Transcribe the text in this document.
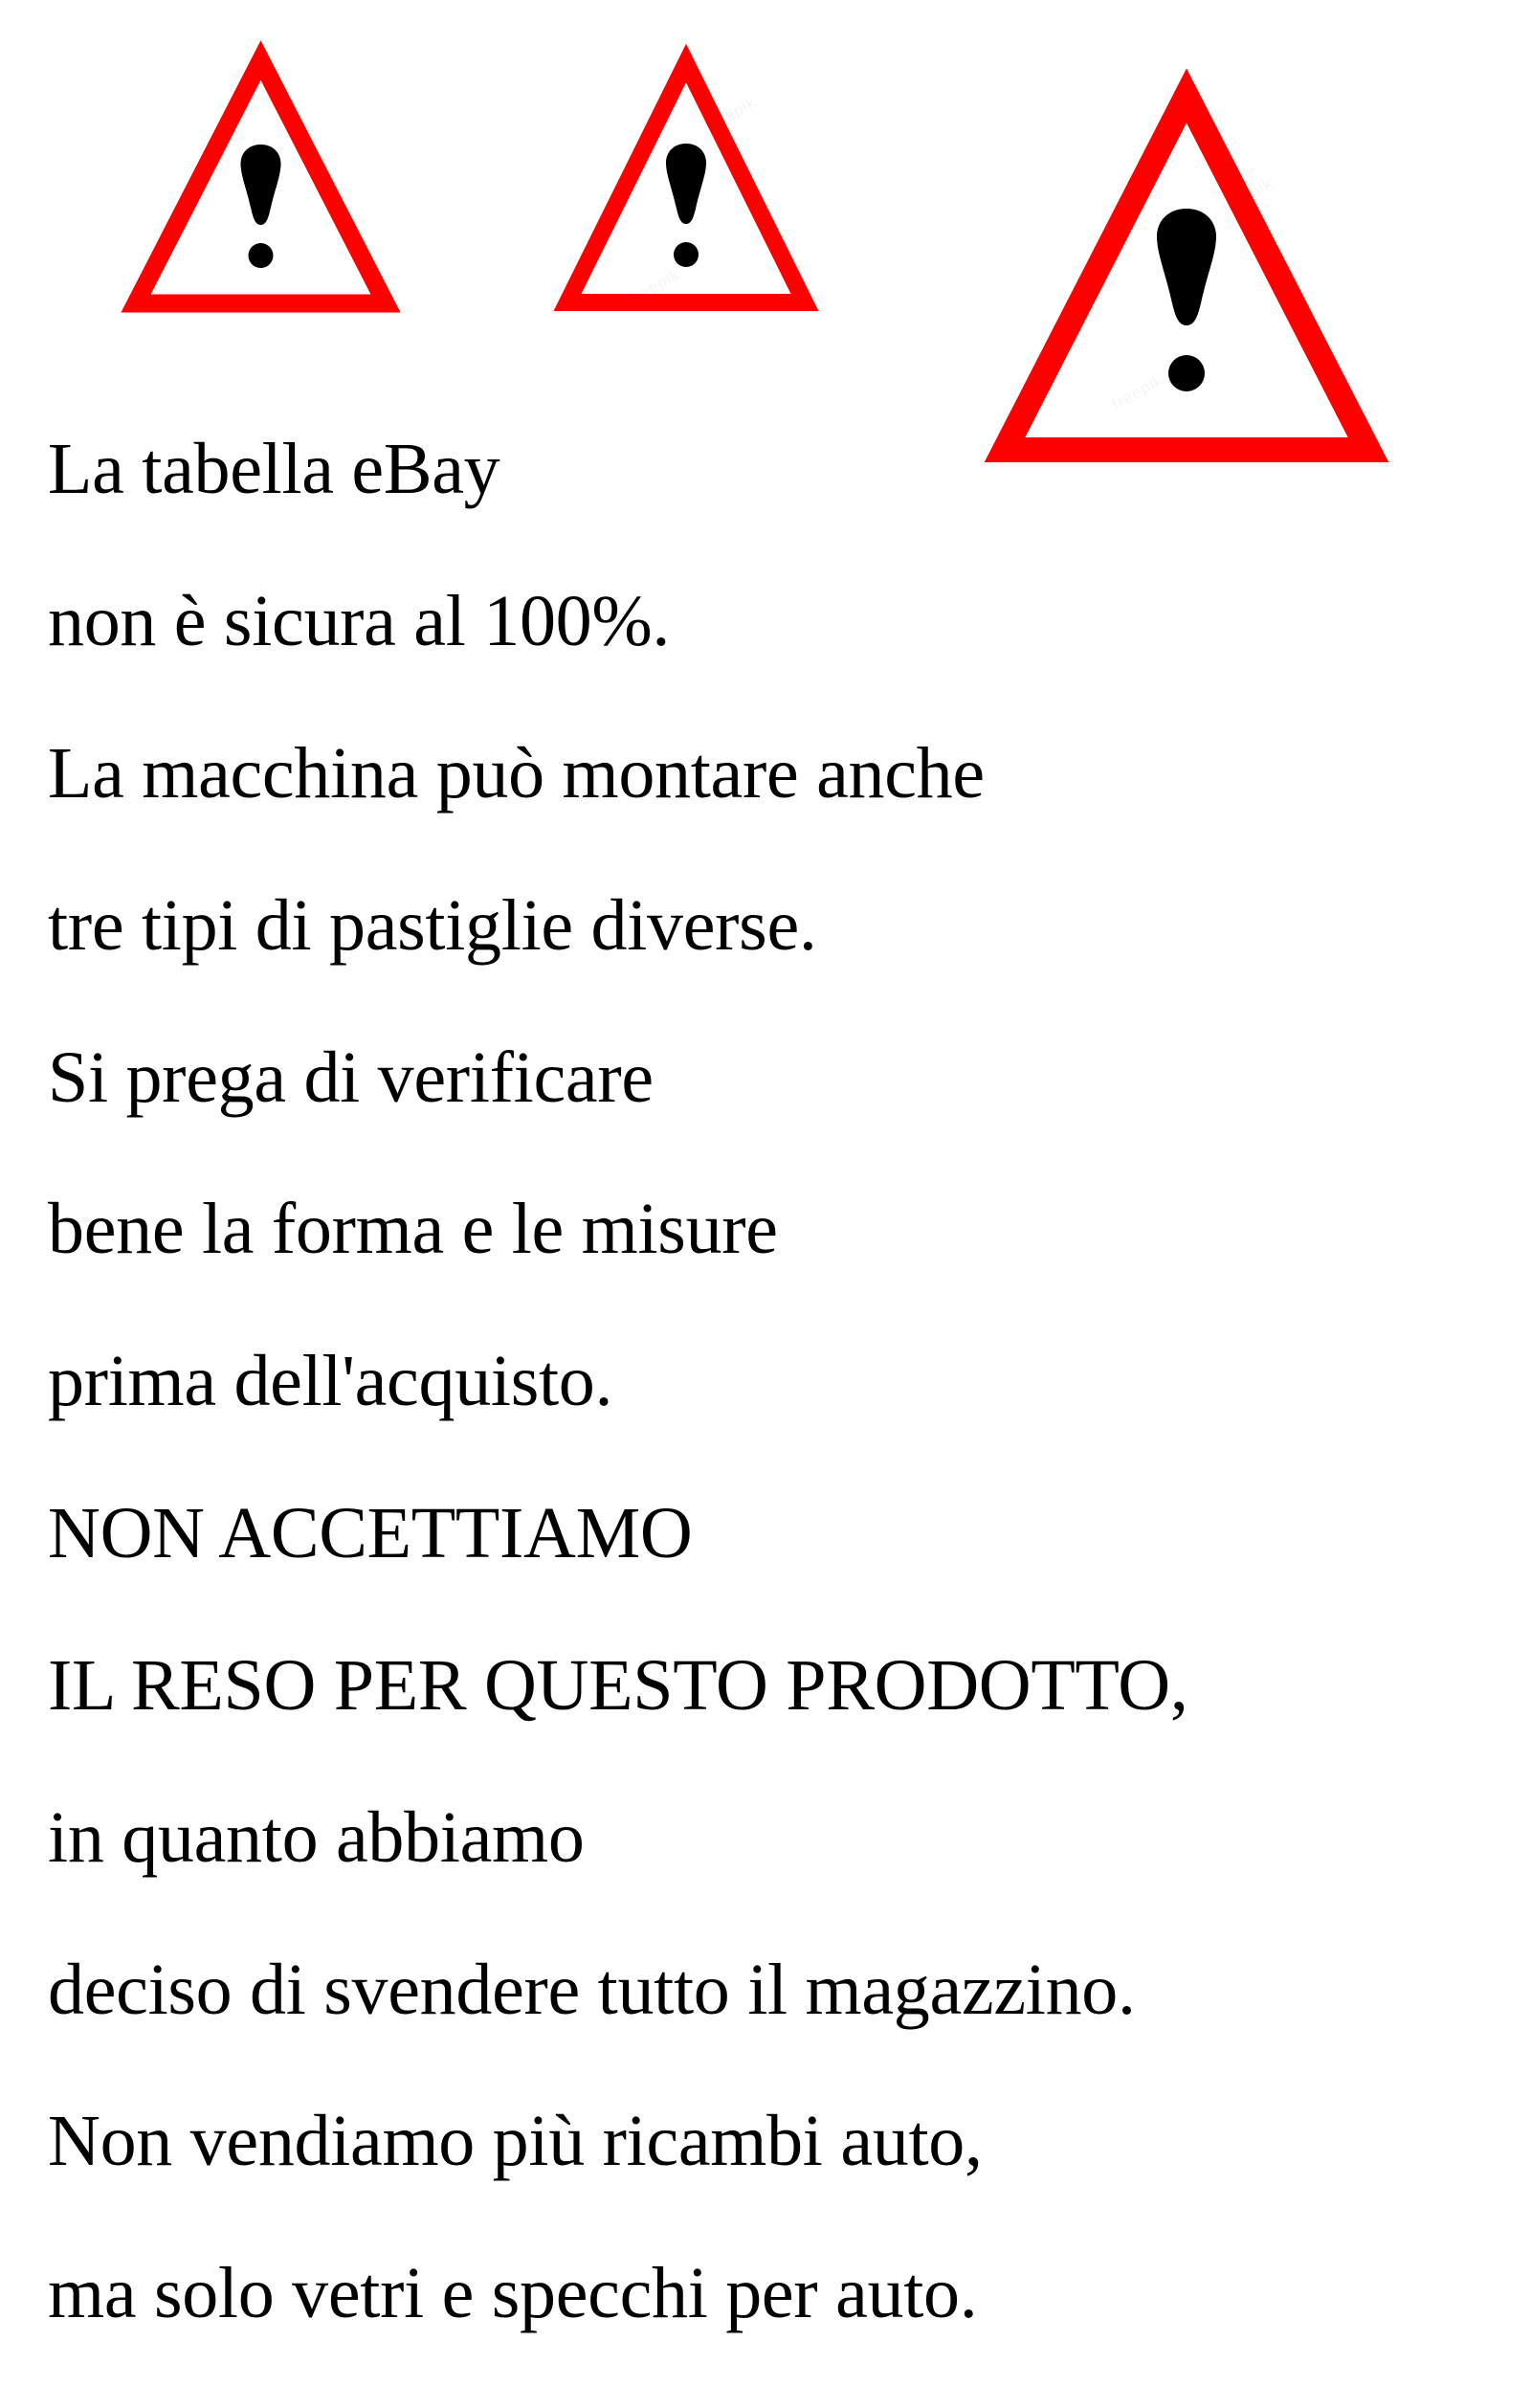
La tabella eBay

non è sicura al 100%.

La macchina può montare anche

tre tipi di pastiglie diverse.

Si prega di verificare

bene la forma e le misure

prima dell'acquisto.

NON ACCETTIAMO

IL RESO PER QUESTO PRODOTTO,

in quanto abbiamo

deciso di svendere tutto il magazzino.

Non vendiamo più ricambi auto,

ma solo vetri e specchi per auto.
